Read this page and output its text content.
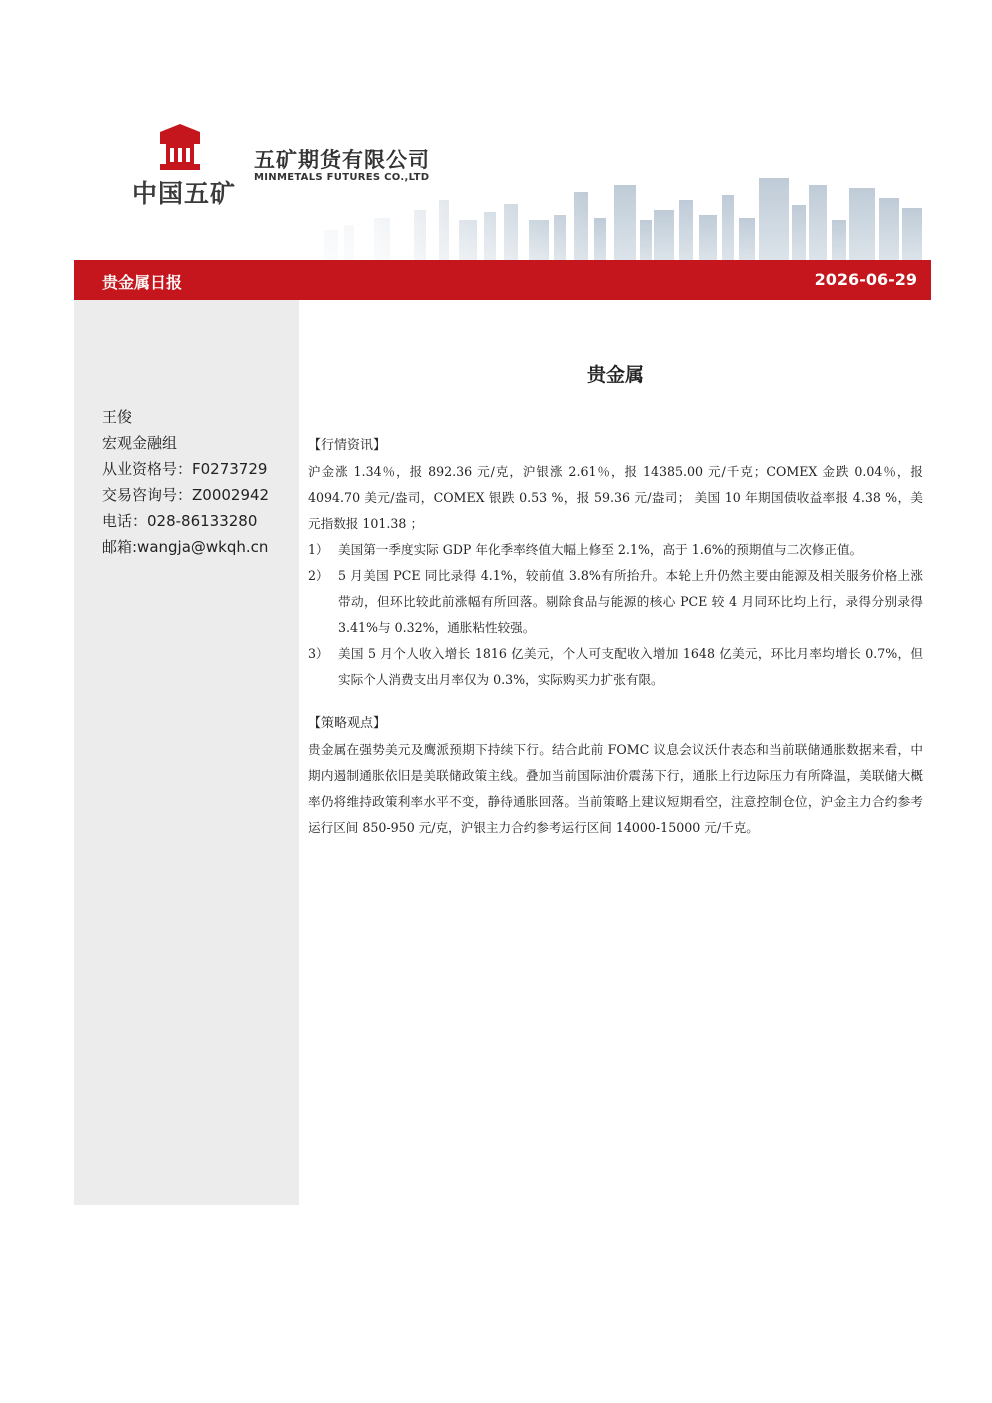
中国五矿
五矿期货有限公司
MINMETALS FUTURES CO.,LTD
贵金属日报	2026-06-29
王俊
宏观金融组
从业资格号：F0273729
交易咨询号：Z0002942
电话：028-86133280
邮箱:wangja@wkqh.cn
贵金属
【行情资讯】

沪金涨 1.34％，报 892.36 元/克，沪银涨 2.61％，报 14385.00 元/千克；COMEX 金跌 0.04％，报 4094.70 美元/盎司，COMEX 银跌 0.53 %，报 59.36 元/盎司； 美国 10 年期国债收益率报 4.38 %，美元指数报 101.38 ；

1） 美国第一季度实际 GDP 年化季率终值大幅上修至 2.1%，高于 1.6%的预期值与二次修正值。
2） 5 月美国 PCE 同比录得 4.1%，较前值 3.8%有所抬升。本轮上升仍然主要由能源及相关服务价格上涨带动，但环比较此前涨幅有所回落。剔除食品与能源的核心 PCE 较 4 月同环比均上行，录得分别录得 3.41%与 0.32%，通胀粘性较强。
3） 美国 5 月个人收入增长 1816 亿美元，个人可支配收入增加 1648 亿美元，环比月率均增长 0.7%，但实际个人消费支出月率仅为 0.3%，实际购买力扩张有限。
【策略观点】

贵金属在强势美元及鹰派预期下持续下行。结合此前 FOMC 议息会议沃什表态和当前联储通胀数据来看，中期内遏制通胀依旧是美联储政策主线。叠加当前国际油价震荡下行，通胀上行边际压力有所降温，美联储大概率仍将维持政策利率水平不变，静待通胀回落。当前策略上建议短期看空，注意控制仓位，沪金主力合约参考运行区间 850-950 元/克，沪银主力合约参考运行区间 14000-15000 元/千克。
